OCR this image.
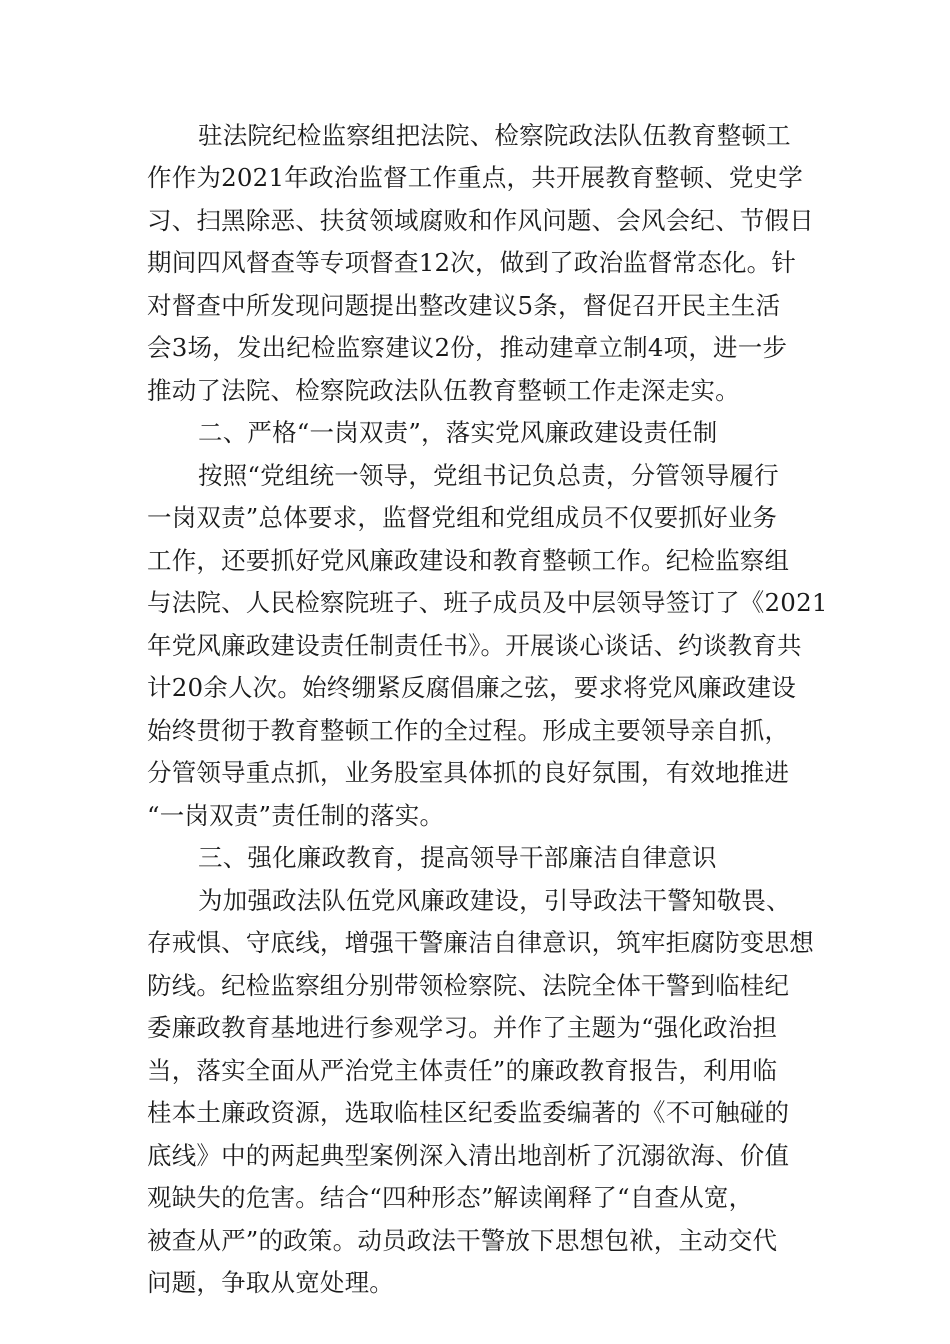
驻法院纪检监察组把法院、检察院政法队伍教育整顿工
作作为2021年政治监督工作重点，共开展教育整顿、党史学
习、扫黑除恶、扶贫领域腐败和作风问题、会风会纪、节假日
期间四风督查等专项督查12次，做到了政治监督常态化。针
对督查中所发现问题提出整改建议5条，督促召开民主生活
会3场，发出纪检监察建议2份，推动建章立制4项，进一步
推动了法院、检察院政法队伍教育整顿工作走深走实。
二、严格“一岗双责”，落实党风廉政建设责任制
按照“党组统一领导，党组书记负总责，分管领导履行
一岗双责”总体要求，监督党组和党组成员不仅要抓好业务
工作，还要抓好党风廉政建设和教育整顿工作。纪检监察组
与法院、人民检察院班子、班子成员及中层领导签订了《2021
年党风廉政建设责任制责任书》。开展谈心谈话、约谈教育共
计20余人次。始终绷紧反腐倡廉之弦，要求将党风廉政建设
始终贯彻于教育整顿工作的全过程。形成主要领导亲自抓，
分管领导重点抓，业务股室具体抓的良好氛围，有效地推进
“一岗双责”责任制的落实。
三、强化廉政教育，提高领导干部廉洁自律意识
为加强政法队伍党风廉政建设，引导政法干警知敬畏、
存戒惧、守底线，增强干警廉洁自律意识，筑牢拒腐防变思想
防线。纪检监察组分别带领检察院、法院全体干警到临桂纪
委廉政教育基地进行参观学习。并作了主题为“强化政治担
当，落实全面从严治党主体责任”的廉政教育报告，利用临
桂本土廉政资源，选取临桂区纪委监委编著的《不可触碰的
底线》中的两起典型案例深入清出地剖析了沉溺欲海、价值
观缺失的危害。结合“四种形态”解读阐释了“自查从宽，
被查从严”的政策。动员政法干警放下思想包袱，主动交代
问题，争取从宽处理。
